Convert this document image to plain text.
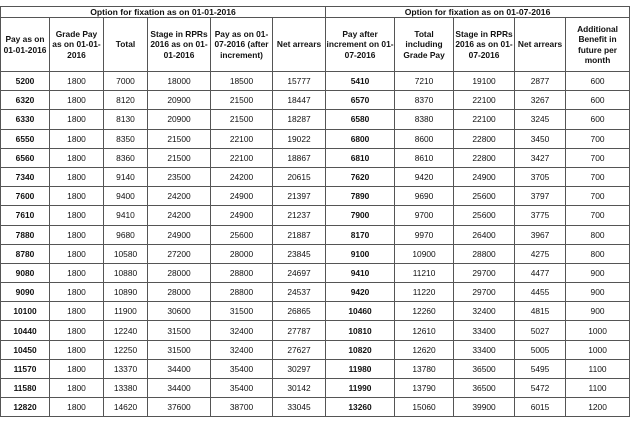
Option for fixation as on 01-01-2016						Option for fixation as on 01-07-2016				
Pay as on 01-01-2016	Grade Pay as on 01-01-2016	Total	Stage in RPRs 2016 as on 01-01-2016	Pay as on 01-07-2016 (after increment)	Net arrears	Pay after increment on 01-07-2016	Total including Grade Pay	Stage in RPRs 2016 as on 01-07-2016	Net arrears	Additional Benefit in future per month
5200	1800	7000	18000	18500	15777	5410	7210	19100	2877	600
6320	1800	8120	20900	21500	18447	6570	8370	22100	3267	600
6330	1800	8130	20900	21500	18287	6580	8380	22100	3245	600
6550	1800	8350	21500	22100	19022	6800	8600	22800	3450	700
6560	1800	8360	21500	22100	18867	6810	8610	22800	3427	700
7340	1800	9140	23500	24200	20615	7620	9420	24900	3705	700
7600	1800	9400	24200	24900	21397	7890	9690	25600	3797	700
7610	1800	9410	24200	24900	21237	7900	9700	25600	3775	700
7880	1800	9680	24900	25600	21887	8170	9970	26400	3967	800
8780	1800	10580	27200	28000	23845	9100	10900	28800	4275	800
9080	1800	10880	28000	28800	24697	9410	11210	29700	4477	900
9090	1800	10890	28000	28800	24537	9420	11220	29700	4455	900
10100	1800	11900	30600	31500	26865	10460	12260	32400	4815	900
10440	1800	12240	31500	32400	27787	10810	12610	33400	5027	1000
10450	1800	12250	31500	32400	27627	10820	12620	33400	5005	1000
11570	1800	13370	34400	35400	30297	11980	13780	36500	5495	1100
11580	1800	13380	34400	35400	30142	11990	13790	36500	5472	1100
12820	1800	14620	37600	38700	33045	13260	15060	39900	6015	1200
